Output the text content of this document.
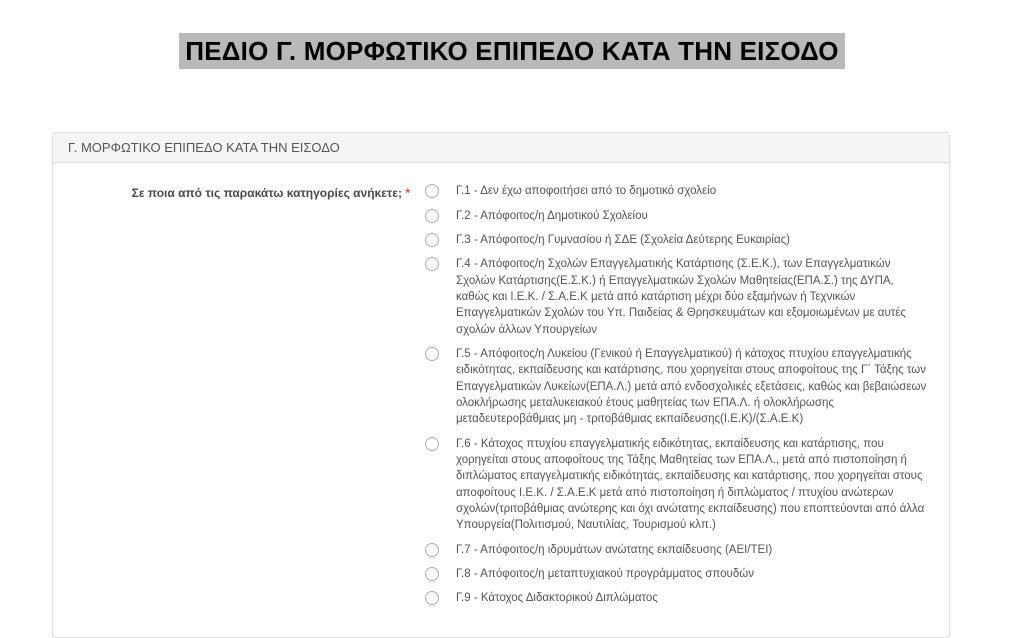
ΠΕΔΙΟ Γ. ΜΟΡΦΩΤΙΚΟ ΕΠΙΠΕΔΟ ΚΑΤΑ ΤΗΝ ΕΙΣΟΔΟ
Γ. ΜΟΡΦΩΤΙΚΟ ΕΠΙΠΕΔΟ ΚΑΤΑ ΤΗΝ ΕΙΣΟΔΟ
Σε ποια από τις παρακάτω κατηγορίες ανήκετε; *	Γ.1 - Δεν έχω αποφοιτήσει από το δημοτικό σχολείο
Γ.2 - Απόφοιτος/η Δημοτικού Σχολείου
Γ.3 - Απόφοιτος/η Γυμνασίου ή ΣΔΕ (Σχολεία Δεύτερης Ευκαιρίας)
Γ.4 - Απόφοιτος/η Σχολών Επαγγελματικής Κατάρτισης (Σ.Ε.Κ.), των Επαγγελματικών Σχολών Κατάρτισης(Ε.Σ.Κ.) ή Επαγγελματικών Σχολών Μαθητείας(ΕΠΑ.Σ.) της ΔΥΠΑ, καθώς και Ι.Ε.Κ. / Σ.Α.Ε.Κ μετά από κατάρτιση μέχρι δύο εξαμήνων ή Τεχνικών Επαγγελματικών Σχολών του Υπ. Παιδείας & Θρησκευμάτων και εξομοιωμένων με αυτές σχολών άλλων Υπουργείων
Γ.5 - Απόφοιτος/η Λυκείου (Γενικού ή Επαγγελματικού) ή κάτοχος πτυχίου επαγγελματικής ειδικότητας, εκπαίδευσης και κατάρτισης, που χορηγείται στους αποφοίτους της Γ΄ Τάξης των Επαγγελματικών Λυκείων(ΕΠΑ.Λ.) μετά από ενδοσχολικές εξετάσεις, καθώς και βεβαιώσεων ολοκλήρωσης μεταλυκειακού έτους μαθητείας των ΕΠΑ.Λ. ή ολοκλήρωσης μεταδευτεροβάθμιας μη - τριτοβάθμιας εκπαίδευσης(Ι.Ε.Κ)/(Σ.Α.Ε.Κ)
Γ.6 - Κάτοχος πτυχίου επαγγελματικής ειδικότητας, εκπαίδευσης και κατάρτισης, που χορηγείται στους αποφοίτους της Τάξης Μαθητείας των ΕΠΑ.Λ., μετά από πιστοποίηση ή διπλώματος επαγγελματικής ειδικότητας, εκπαίδευσης και κατάρτισης, που χορηγείται στους αποφοίτους Ι.Ε.Κ. / Σ.Α.Ε.Κ μετά από πιστοποίηση ή διπλώματος / πτυχίου ανώτερων σχολών(τριτοβάθμιας ανώτερης και όχι ανώτατης εκπαίδευσης) που εποπτεύονται από άλλα Υπουργεία(Πολιτισμού, Ναυτιλίας, Τουρισμού κλπ.)
Γ.7 - Απόφοιτος/η ιδρυμάτων ανώτατης εκπαίδευσης (ΑΕΙ/ΤΕΙ)
Γ.8 - Απόφοιτος/η μεταπτυχιακού προγράμματος σπουδών
Γ.9 - Κάτοχος Διδακτορικού Διπλώματος
